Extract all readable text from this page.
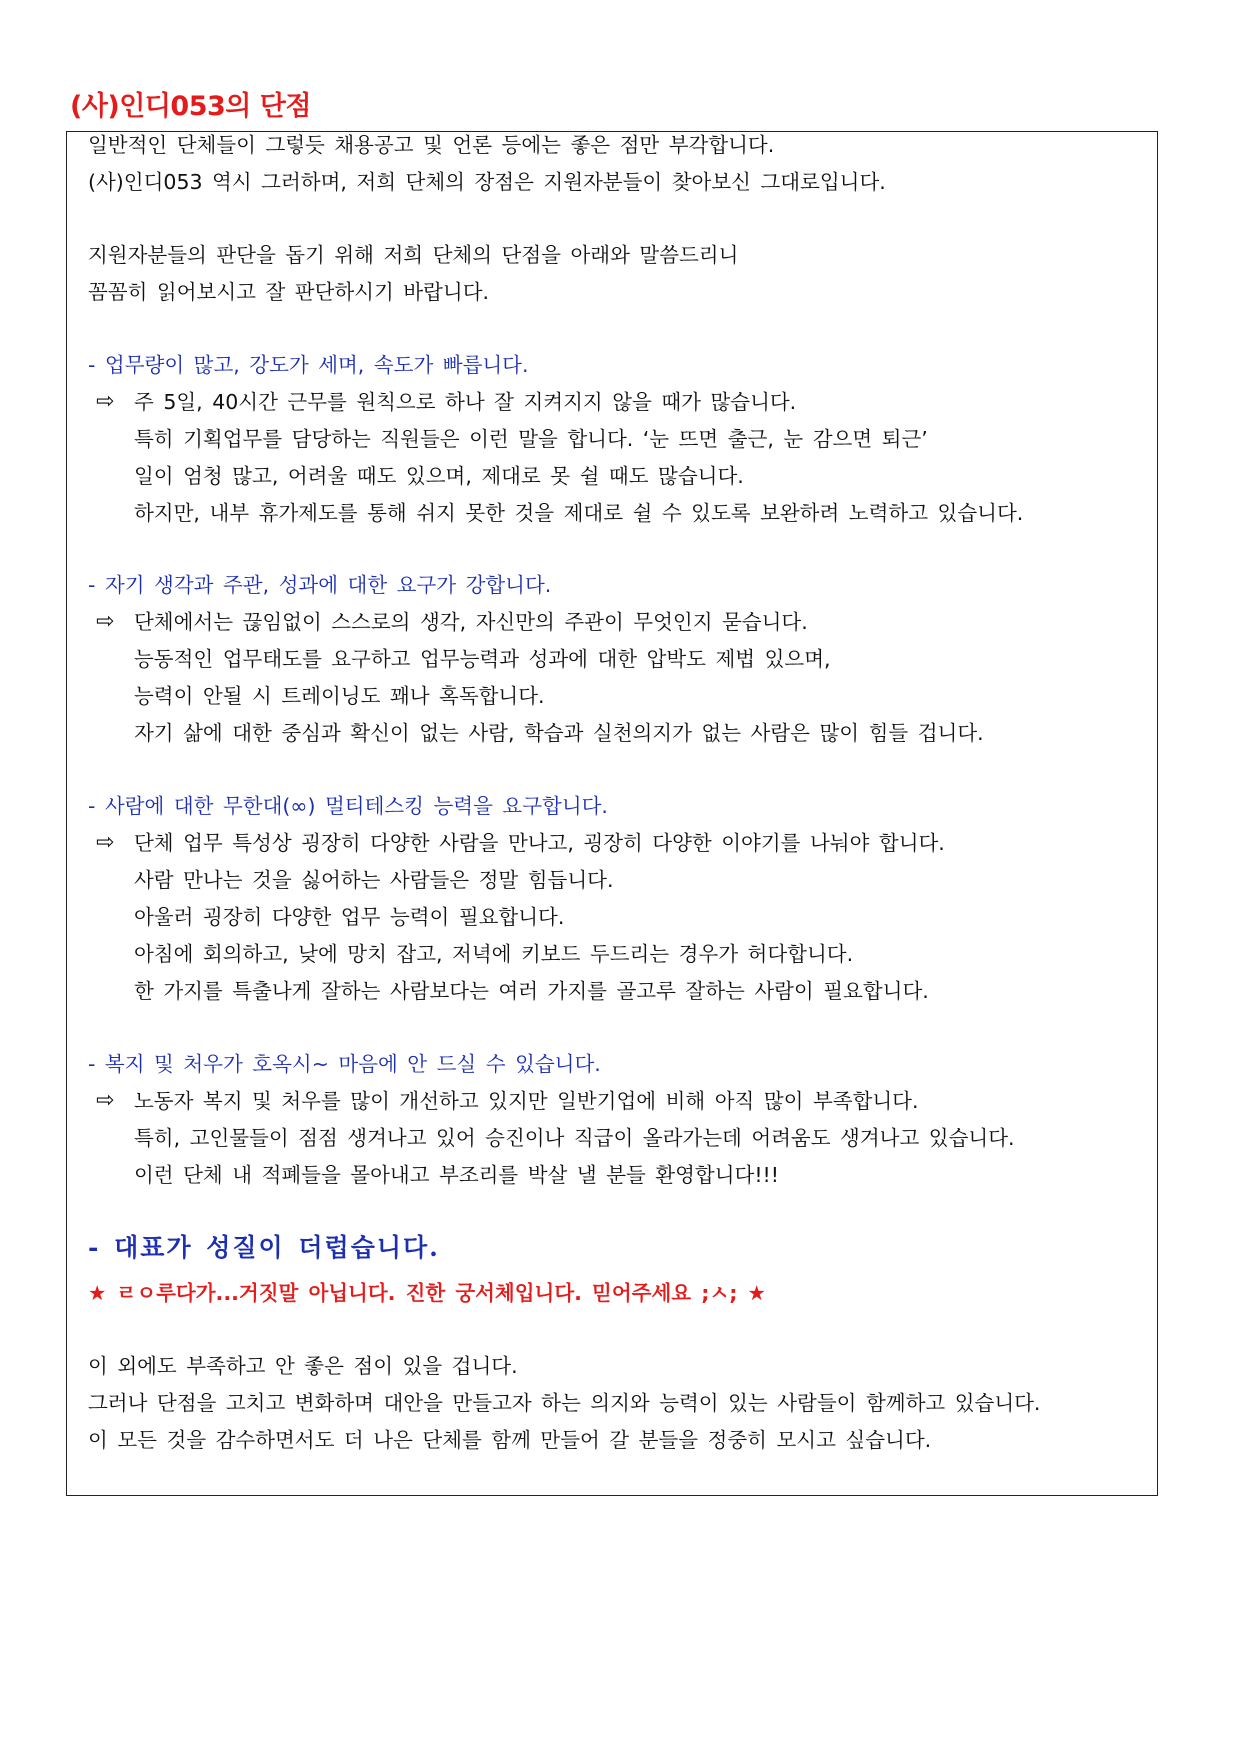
(사)인디053의 단점
일반적인 단체들이 그렇듯 채용공고 및 언론 등에는 좋은 점만 부각합니다.
(사)인디053 역시 그러하며, 저희 단체의 장점은 지원자분들이 찾아보신 그대로입니다.
지원자분들의 판단을 돕기 위해 저희 단체의 단점을 아래와 말씀드리니
꼼꼼히 읽어보시고 잘 판단하시기 바랍니다.
- 업무량이 많고, 강도가 세며, 속도가 빠릅니다.
⇨ 주 5일, 40시간 근무를 원칙으로 하나 잘 지켜지지 않을 때가 많습니다.
특히 기획업무를 담당하는 직원들은 이런 말을 합니다. ‘눈 뜨면 출근, 눈 감으면 퇴근’
일이 엄청 많고, 어려울 때도 있으며, 제대로 못 쉴 때도 많습니다.
하지만, 내부 휴가제도를 통해 쉬지 못한 것을 제대로 쉴 수 있도록 보완하려 노력하고 있습니다.
- 자기 생각과 주관, 성과에 대한 요구가 강합니다.
⇨ 단체에서는 끊임없이 스스로의 생각, 자신만의 주관이 무엇인지 묻습니다.
능동적인 업무태도를 요구하고 업무능력과 성과에 대한 압박도 제법 있으며,
능력이 안될 시 트레이닝도 꽤나 혹독합니다.
자기 삶에 대한 중심과 확신이 없는 사람, 학습과 실천의지가 없는 사람은 많이 힘들 겁니다.
- 사람에 대한 무한대(∞) 멀티테스킹 능력을 요구합니다.
⇨ 단체 업무 특성상 굉장히 다양한 사람을 만나고, 굉장히 다양한 이야기를 나눠야 합니다.
사람 만나는 것을 싫어하는 사람들은 정말 힘듭니다.
아울러 굉장히 다양한 업무 능력이 필요합니다.
아침에 회의하고, 낮에 망치 잡고, 저녁에 키보드 두드리는 경우가 허다합니다.
한 가지를 특출나게 잘하는 사람보다는 여러 가지를 골고루 잘하는 사람이 필요합니다.
- 복지 및 처우가 호옥시~ 마음에 안 드실 수 있습니다.
⇨ 노동자 복지 및 처우를 많이 개선하고 있지만 일반기업에 비해 아직 많이 부족합니다.
특히, 고인물들이 점점 생겨나고 있어 승진이나 직급이 올라가는데 어려움도 생겨나고 있습니다.
이런 단체 내 적폐들을 몰아내고 부조리를 박살 낼 분들 환영합니다!!!
- 대표가 성질이 더럽습니다.
★ ㄹㅇ루다가...거짓말 아닙니다. 진한 궁서체입니다. 믿어주세요 ;ㅅ; ★
이 외에도 부족하고 안 좋은 점이 있을 겁니다.
그러나 단점을 고치고 변화하며 대안을 만들고자 하는 의지와 능력이 있는 사람들이 함께하고 있습니다.
이 모든 것을 감수하면서도 더 나은 단체를 함께 만들어 갈 분들을 정중히 모시고 싶습니다.
